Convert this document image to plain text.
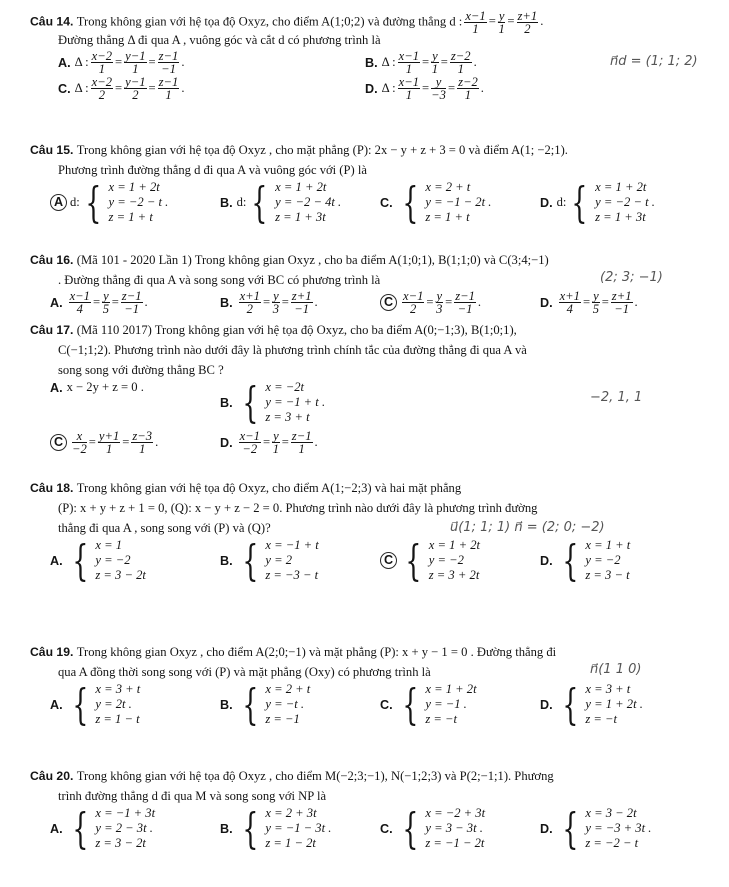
Câu 14. Trong không gian với hệ tọa độ Oxyz, cho điểm A(1;0;2) và đường thẳng d : $\frac{x-1}{1} = \frac{y}{1} = \frac{z+1}{2}$ .
Đường thẳng Δ đi qua A , vuông góc và cắt d có phương trình là
A. Δ : $\frac{x-2}{1} = \frac{y-1}{1} = \frac{z-1}{-1}$ .	B. Δ : $\frac{x-1}{1} = \frac{y}{1} = \frac{z-2}{1}$ .
C. Δ : $\frac{x-2}{2} = \frac{y-1}{2} = \frac{z-1}{1}$ .	D. Δ : $\frac{x-1}{1} = \frac{y}{-3} = \frac{z-2}{1}$ .
n⃗d = (1; 1; 2)
Câu 15. Trong không gian với hệ tọa độ Oxyz , cho mặt phẳng (P): 2x − y + z + 3 = 0 và điểm A(1; −2;1).
Phương trình đường thẳng d đi qua A và vuông góc với (P) là
A d: { x = 1 + 2t
y = −2 − t .
z = 1 + t
B. d: { x = 1 + 2t
y = −2 − 4t .
z = 1 + 3t
C. { x = 2 + t
y = −1 − 2t .
z = 1 + t
D. d: { x = 1 + 2t
y = −2 − t .
z = 1 + 3t
Câu 16. (Mã 101 - 2020 Lần 1) Trong không gian Oxyz , cho ba điểm A(1;0;1), B(1;1;0) và C(3;4;−1)
. Đường thẳng đi qua A và song song với BC có phương trình là
A. $\frac{x-1}{4} = \frac{y}{5} = \frac{z-1}{-1}$ .	B. $\frac{x+1}{2} = \frac{y}{3} = \frac{z+1}{-1}$ .	C $\frac{x-1}{2} = \frac{y}{3} = \frac{z-1}{-1}$ .	D. $\frac{x+1}{4} = \frac{y}{5} = \frac{z+1}{-1}$ .
(2; 3; −1)
Câu 17. (Mã 110 2017) Trong không gian với hệ tọa độ Oxyz, cho ba điểm A(0;−1;3), B(1;0;1),
C(−1;1;2). Phương trình nào dưới đây là phương trình chính tắc của đường thẳng đi qua A và
song song với đường thẳng BC ?
A. x − 2y + z = 0 .
B. { x = −2t
y = −1 + t .
z = 3 + t
C $\frac{x}{-2} = \frac{y+1}{1} = \frac{z-3}{1}$ .	D. $\frac{x-1}{-2} = \frac{y}{1} = \frac{z-1}{1}$ .
−2, 1, 1
Câu 18. Trong không gian với hệ tọa độ Oxyz, cho điểm A(1;−2;3) và hai mặt phẳng
(P): x + y + z + 1 = 0, (Q): x − y + z − 2 = 0. Phương trình nào dưới đây là phương trình đường
thẳng đi qua A , song song với (P) và (Q)?
A. { x = 1
y = −2
z = 3 − 2t
B. { x = −1 + t
y = 2
z = −3 − t
C { x = 1 + 2t
y = −2
z = 3 + 2t
D. { x = 1 + t
y = −2
z = 3 − t
u⃗(1; 1; 1) n⃗ = (2; 0; −2)
Câu 19. Trong không gian Oxyz , cho điểm A(2;0;−1) và mặt phẳng (P): x + y − 1 = 0 . Đường thẳng đi
qua A đồng thời song song với (P) và mặt phẳng (Oxy) có phương trình là
A. { x = 3 + t
y = 2t .
z = 1 − t
B. { x = 2 + t
y = −t .
z = −1
C. { x = 1 + 2t
y = −1 .
z = −t
D. { x = 3 + t
y = 1 + 2t .
z = −t
n⃗(1 1 0)
Câu 20. Trong không gian với hệ tọa độ Oxyz , cho điểm M(−2;3;−1), N(−1;2;3) và P(2;−1;1). Phương
trình đường thẳng d đi qua M và song song với NP là
A. { x = −1 + 3t
y = 2 − 3t .
z = 3 − 2t
B. { x = 2 + 3t
y = −1 − 3t .
z = 1 − 2t
C. { x = −2 + 3t
y = 3 − 3t .
z = −1 − 2t
D. { x = 3 − 2t
y = −3 + 3t .
z = −2 − t
